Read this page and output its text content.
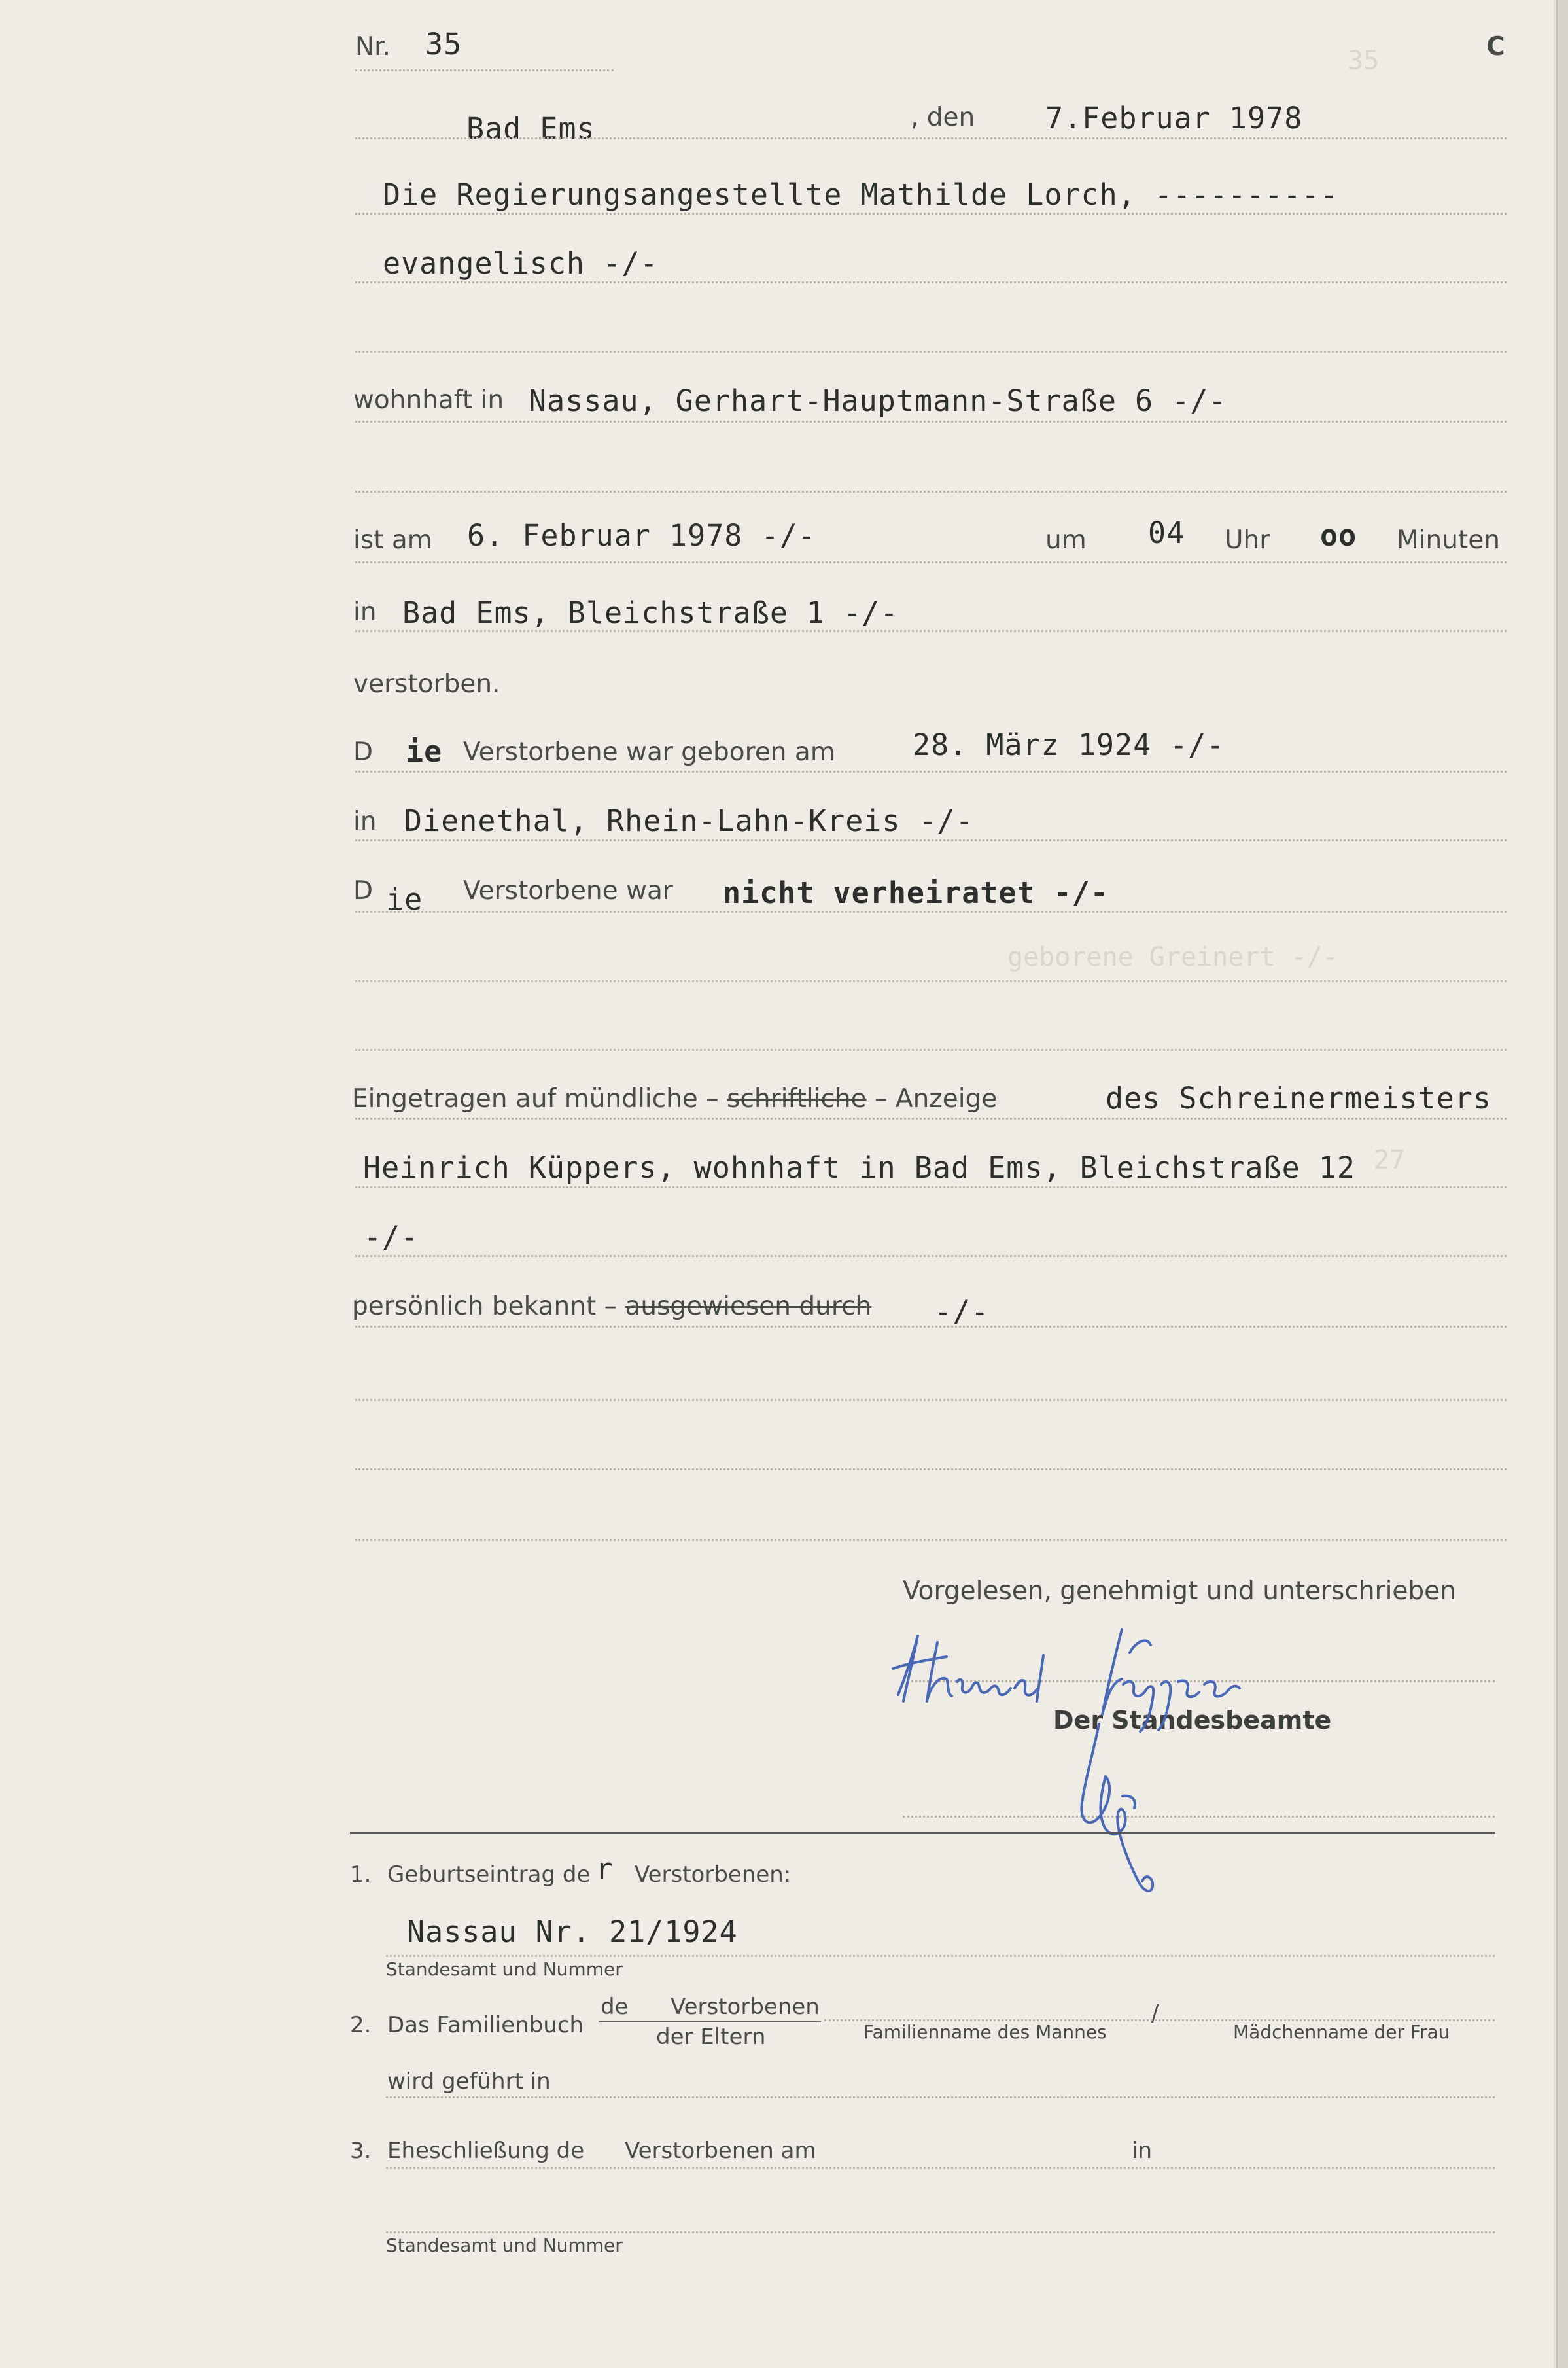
35
geborene Greinert -/-
27
Nr. 35	C
Bad Ems	, den 7.Februar 1978
Die Regierungsangestellte Mathilde Lorch, ----------
evangelisch -/-
wohnhaft in Nassau, Gerhart-Hauptmann-Straße 6 -/-
ist am 6. Februar 1978 -/-	um 04 Uhr oo Minuten
in Bad Ems, Bleichstraße 1 -/-
verstorben.
D ie Verstorbene war geboren am	28. März 1924 -/-
in Dienethal, Rhein-Lahn-Kreis -/-
D ie Verstorbene war nicht verheiratet -/-
Eingetragen auf mündliche – schriftliche – Anzeige	des Schreinermeisters
Heinrich Küppers, wohnhaft in Bad Ems, Bleichstraße 12
-/-
persönlich bekannt – ausgewiesen durch -/-
Vorgelesen, genehmigt und unterschrieben
Der Standesbeamte
1. Geburtseintrag de r Verstorbenen:
Nassau Nr. 21/1924
Standesamt und Nummer
2. Das Familienbuch
de Verstorbenen
der Eltern	Familienname des Mannes
/
Mädchenname der Frau
wird geführt in
3. Eheschließung de Verstorbenen am	in
Standesamt und Nummer
